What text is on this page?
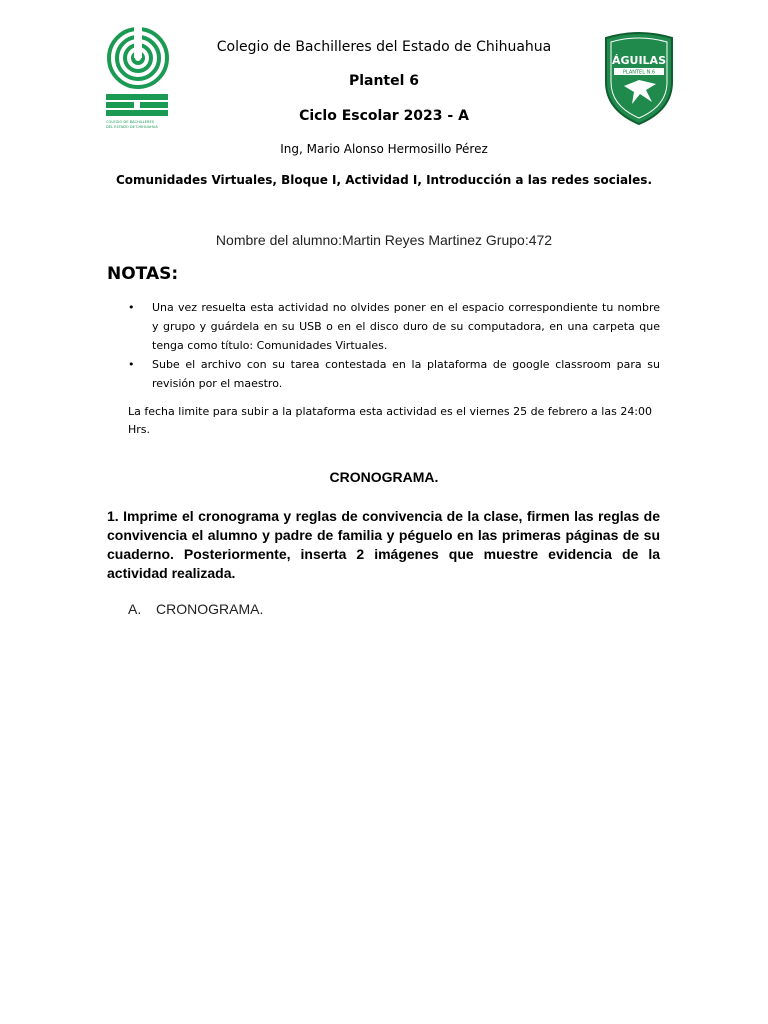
COLEGIO DE BACHILLERES
DEL ESTADO DE CHIHUAHUA
ÁGUILAS
PLANTEL N.6
Colegio de Bachilleres del Estado de Chihuahua
Plantel 6
Ciclo Escolar 2023 - A
Ing, Mario Alonso Hermosillo Pérez
Comunidades Virtuales, Bloque I, Actividad I, Introducción a las redes sociales.
Nombre del alumno:Martin Reyes Martinez Grupo:472
NOTAS:
• Una vez resuelta esta actividad no olvides poner en el espacio correspondiente tu nombre y grupo y guárdela en su USB o en el disco duro de su computadora, en una carpeta que tenga como título: Comunidades Virtuales.
• Sube el archivo con su tarea contestada en la plataforma de google classroom para su revisión por el maestro.
La fecha limite para subir a la plataforma esta actividad es el viernes 25 de febrero a las 24:00 Hrs.
CRONOGRAMA.
1. Imprime el cronograma y reglas de convivencia de la clase, firmen las reglas de convivencia el alumno y padre de familia y péguelo en las primeras páginas de su cuaderno. Posteriormente, inserta 2 imágenes que muestre evidencia de la actividad realizada.
A. CRONOGRAMA.
